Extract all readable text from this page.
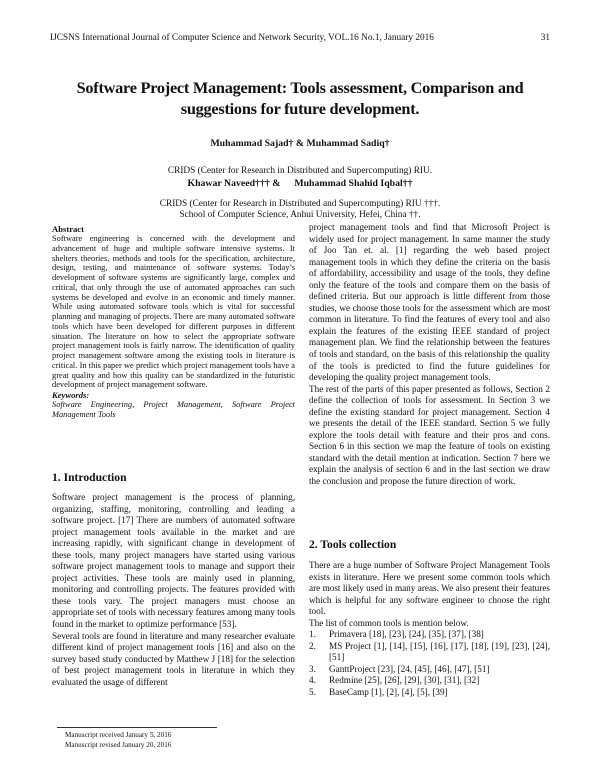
IJCSNS International Journal of Computer Science and Network Security, VOL.16 No.1, January 2016	31
Software Project Management: Tools assessment, Comparison and suggestions for future development.
Muhammad Sajad† & Muhammad Sadiq†
CRIDS (Center for Research in Distributed and Supercomputing) RIU.
Khawar Naveed††† & Muhammad Shahid Iqbal††
CRIDS (Center for Research in Distributed and Supercomputing) RIU †††.
School of Computer Science, Anhui University, Hefei, China ††.

Abstract

Software engineering is concerned with the development and advancement of huge and multiple software intensive systems. It shelters theories, methods and tools for the specification, architecture, design, testing, and maintenance of software systems. Today’s development of software systems are significantly large, complex and critical, that only through the use of automated approaches can such systems be developed and evolve in an economic and timely manner. While using automated software tools which is vital for successful planning and managing of projects. There are many automated software tools which have been developed for different purposes in different situation. The literature on how to select the appropriate software project management tools is fairly narrow. The identification of quality project management software among the existing tools in literature is critical. In this paper we predict which project management tools have a great quality and how this quality can be standardized in the futuristic development of project management software.

Keywords:

Software Engineering, Project Management, Software Project Management Tools

1. Introduction

Software project management is the process of planning, organizing, staffing, monitoring, controlling and leading a software project. [17] There are numbers of automated software project management tools available in the market and are increasing rapidly, with significant change in development of these tools, many project managers have started using various software project management tools to manage and support their project activities. These tools are mainly used in planning, monitoring and controlling projects. The features provided with these tools vary. The project managers must choose an appropriate set of tools with necessary features among many tools found in the market to optimize performance [53].

Several tools are found in literature and many researcher evaluate different kind of project management tools [16] and also on the survey based study conducted by Matthew J [18] for the selection of best project management tools in literature in which they evaluated the usage of different

project management tools and find that Microsoft Project is widely used for project management. In same manner the study of Joo Tan et. al. [1] regarding the web based project management tools in which they define the criteria on the basis of affordability, accessibility and usage of the tools, they define only the feature of the tools and compare them on the basis of defined criteria. But our approach is little different from those studies, we choose those tools for the assessment which are most common in literature. To find the features of every tool and also explain the features of the existing IEEE standard of project management plan. We find the relationship between the features of tools and standard, on the basis of this relationship the quality of the tools is predicted to find the future guidelines for developing the quality project management tools.

The rest of the parts of this paper presented as follows, Section 2 define the collection of tools for assessment. In Section 3 we define the existing standard for project management. Section 4 we presents the detail of the IEEE standard. Section 5 we fully explore the tools detail with feature and their pros and cons. Section 6 in this section we map the feature of tools on existing standard with the detail mention at indication. Section 7 here we explain the analysis of section 6 and in the last section we draw the conclusion and propose the future direction of work.

2. Tools collection

There are a huge number of Software Project Management Tools exists in literature. Here we present some common tools which are most likely used in many areas. We also present their features which is helpful for any software engineer to choose the right tool.

The list of common tools is mention below.

1.	Primavera [18], [23], [24], [35], [37], [38]
2.	MS Project [1], [14], [15], [16], [17], [18], [19], [23], [24], [51]
3.	GanttProject [23], [24, [45], [46], [47], [51]
4.	Redmine [25], [26], [29], [30], [31], [32]
5.	BaseCamp [1], [2], [4], [5], [39]
Manuscript received January 5, 2016
Manuscript revised January 20, 2016
